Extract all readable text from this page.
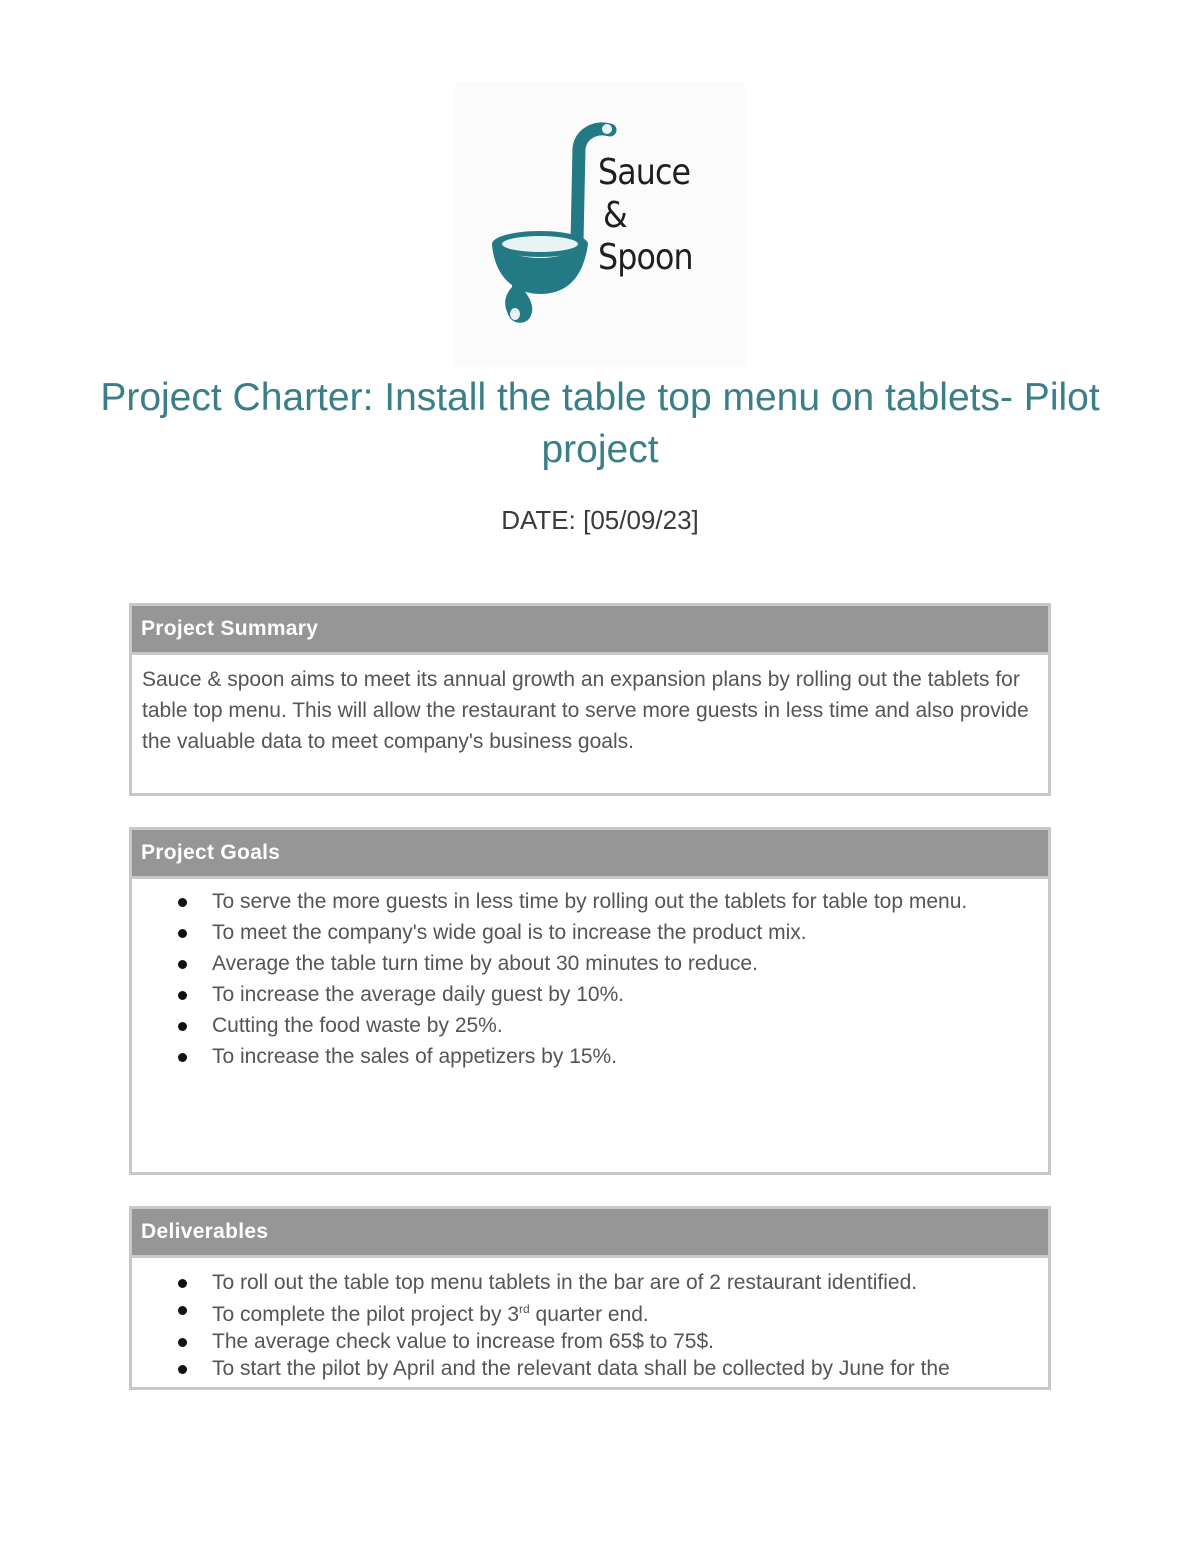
Sauce
&
Spoon
Project Charter: Install the table top menu on tablets- Pilot project
DATE: [05/09/23]
Project Summary

Sauce & spoon aims to meet its annual growth an expansion plans by rolling out the tablets for table top menu. This will allow the restaurant to serve more guests in less time and also provide the valuable data to meet company's business goals.

Project Goals
To serve the more guests in less time by rolling out the tablets for table top menu.
To meet the company's wide goal is to increase the product mix.
Average the table turn time by about 30 minutes to reduce.
To increase the average daily guest by 10%.
Cutting the food waste by 25%.
To increase the sales of appetizers by 15%.
Deliverables
To roll out the table top menu tablets in the bar are of 2 restaurant identified.
To complete the pilot project by 3rd quarter end.
The average check value to increase from 65$ to 75$.
To start the pilot by April and the relevant data shall be collected by June for the
